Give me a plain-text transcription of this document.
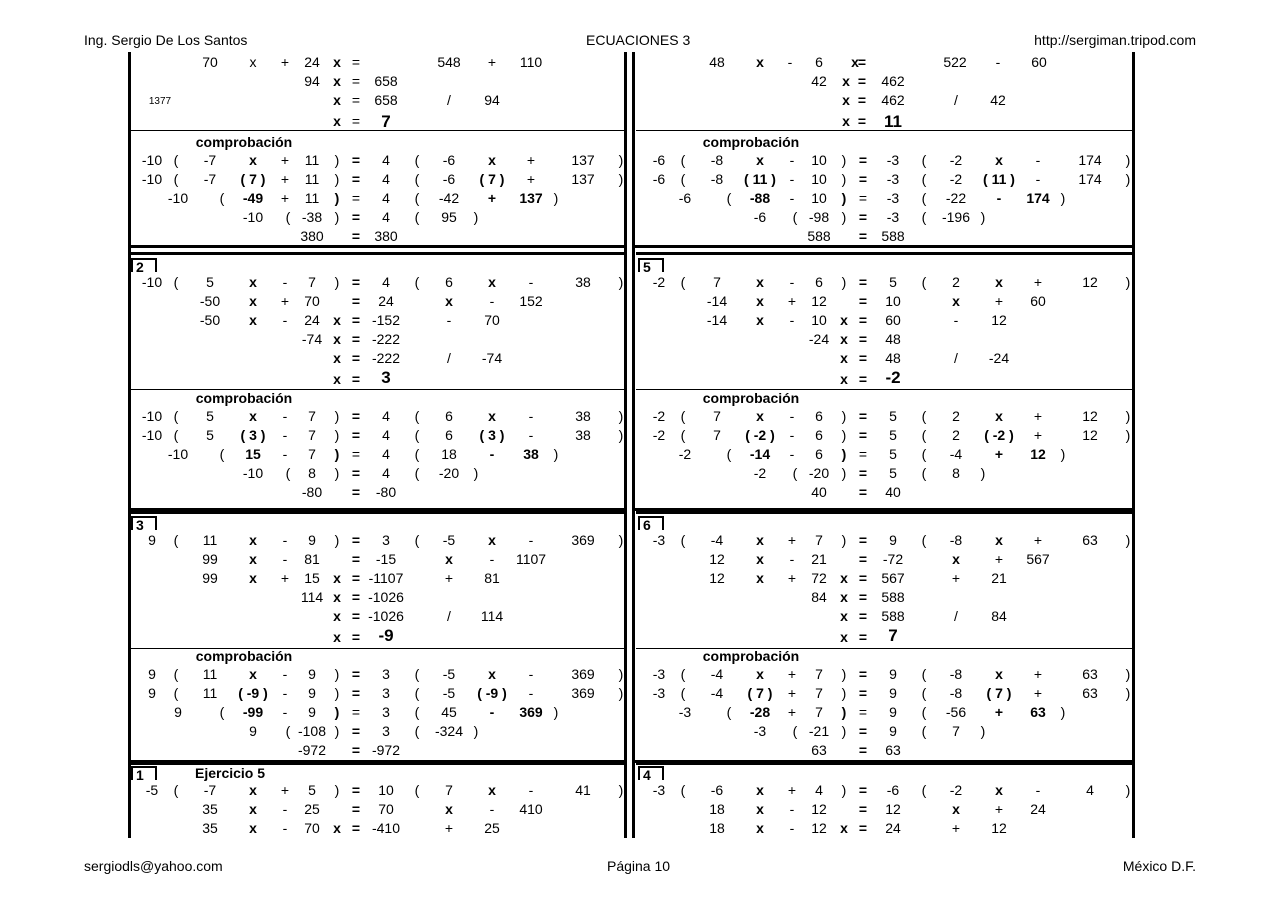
Ing. Sergio De Los Santos	ECUACIONES 3	http://sergiman.tripod.com
70 x + 24 x =	548 + 110
94 x = 658
x = 658	/ 94
x = 7
1377
comprobación
-10 ( -7 x + 11 ) = 4 ( -6 x +	137 )
-10 ( -7 ( 7 ) + 11 ) = 4 ( -6 ( 7 ) +	137 )
-10 ( -49 + 11 ) = 4 ( -42 + 137 )
-10 ( -38 ) = 4 ( 95 )
380 = 380
48 x - 6 x =	522 - 60
42 x = 462
x = 462	/ 42
x = 11
comprobación
-6 ( -8 x - 10 ) = -3 ( -2 x -	174 )
-6 ( -8 ( 11 ) - 10 ) = -3 ( -2 ( 11 ) -	174 )
-6	( -88 - 10 ) = -3 ( -22 - 174 )
-6 ( -98 ) = -3 ( -196 )
588 = 588
2
-10 ( 5	x - 7 ) = 4 ( 6	x -	38 )
-50 x + 70 = 24	x	- 152
-50 x - 24 x = -152	- 70
-74 x = -222
x = -222	/ -74
x = 3
comprobación
-10 ( 5	x - 7 ) = 4 ( 6	x -	38 )
-10 ( 5 ( 3 ) - 7 ) = 4 ( 6 ( 3 ) -	38 )
-10 ( 15 - 7 ) = 4 ( 18 - 38 )
-10 ( 8 ) = 4 ( -20 )
-80 = -80
5
-2 ( 7	x - 6 ) = 5 ( 2	x +	12 )
-14 x + 12 = 10	x	+ 60
-14 x - 10 x = 60	- 12
-24 x = 48
x = 48	/ -24
x = -2
comprobación
-2 ( 7	x - 6 ) = 5 ( 2	x +	12 )
-2 ( 7 ( -2 ) - 6 ) = 5 ( 2 ( -2 ) +	12 )
-2	( -14 - 6 ) = 5 ( -4 + 12 )
-2 ( -20 ) = 5 ( 8 )
40 = 40
3
9 ( 11 x - 9 ) = 3 ( -5 x -	369 )
99 x - 81 = -15	x	- 1107
99 x + 15 x = -1107	+ 81
114 x = -1026
x = -1026	/ 114
x = -9
comprobación
9 ( 11 x - 9 ) = 3 ( -5 x -	369 )
9 ( 11 ( -9 ) - 9 ) = 3 ( -5 ( -9 ) -	369 )
9	( -99 - 9 ) = 3 ( 45 - 369 )
9 ( -108 ) = 3 ( -324 )
-972 = -972
6
-3 ( -4 x + 7 ) = 9 ( -8 x +	63 )
12 x - 21 = -72	x	+ 567
12 x + 72 x = 567	+ 21
84 x = 588
x = 588	/ 84
x = 7
comprobación
-3 ( -4 x + 7 ) = 9 ( -8 x +	63 )
-3 ( -4 ( 7 ) + 7 ) = 9 ( -8 ( 7 ) +	63 )
-3	( -28 + 7 ) = 9 ( -56 + 63 )
-3 ( -21 ) = 9 ( 7 )
63 = 63
1	Ejercicio 5
-5 ( -7 x + 5 ) = 10 ( 7	x -	41 )
35 x - 25 = 70	x	- 410
35 x - 70 x = -410	+ 25
4
-3 ( -6 x + 4 ) = -6 ( -2 x -	4 )
18 x - 12 = 12	x	+ 24
18 x - 12 x = 24	+ 12
sergiodls@yahoo.com	Página 10	México D.F.
